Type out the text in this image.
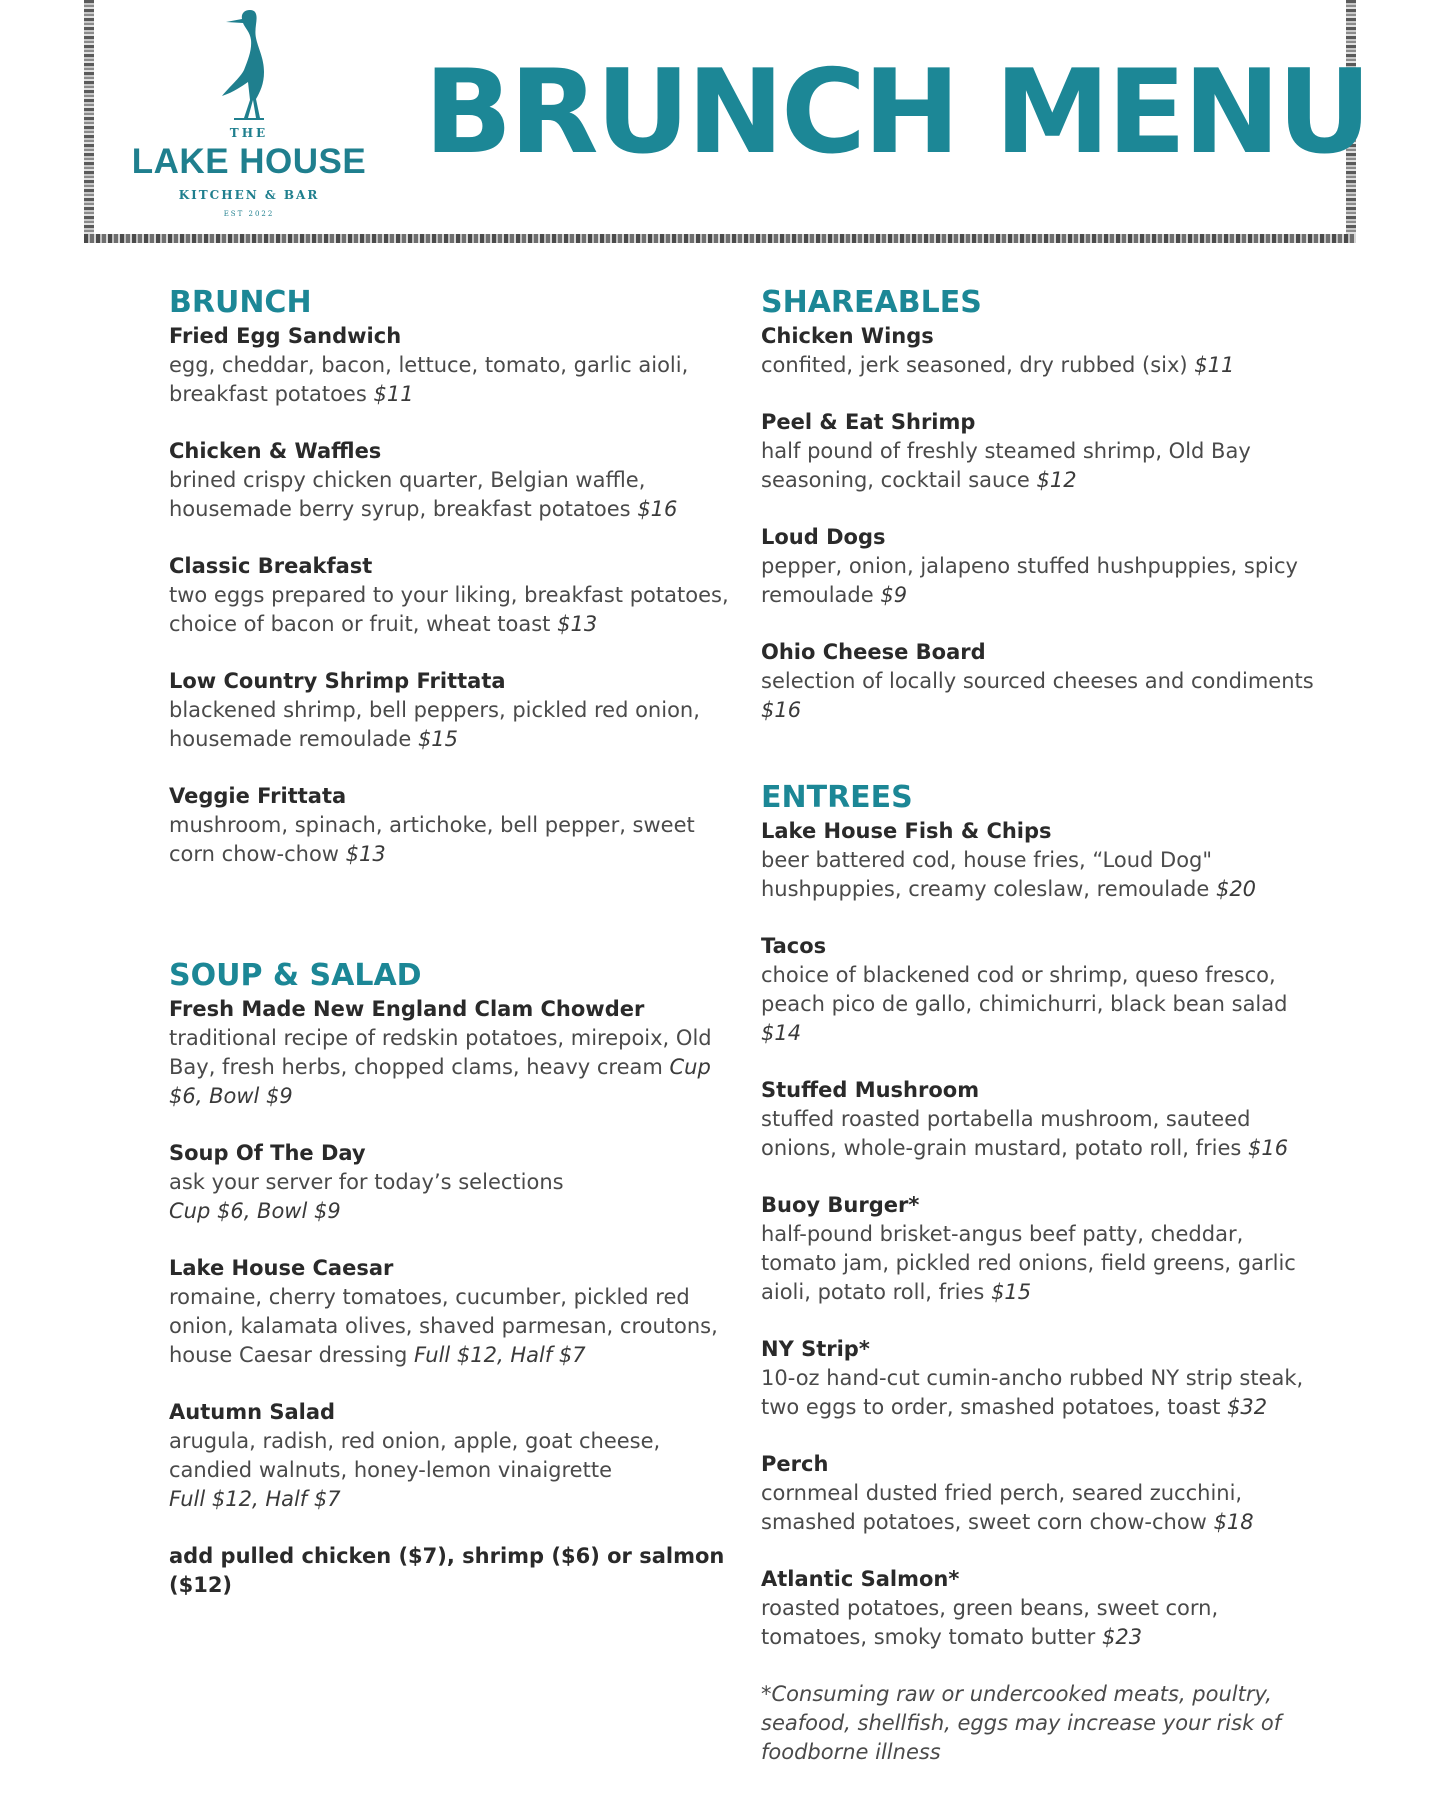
THE
LAKE HOUSE
KITCHEN & BAR
EST 2022
BRUNCH MENU
BRUNCH
Fried Egg Sandwich
egg, cheddar, bacon, lettuce, tomato, garlic aioli, breakfast potatoes $11
Chicken & Waffles
brined crispy chicken quarter, Belgian waffle, housemade berry syrup, breakfast potatoes $16
Classic Breakfast
two eggs prepared to your liking, breakfast potatoes, choice of bacon or fruit, wheat toast $13
Low Country Shrimp Frittata
blackened shrimp, bell peppers, pickled red onion, housemade remoulade $15
Veggie Frittata
mushroom, spinach, artichoke, bell pepper, sweet corn chow-chow $13
SOUP & SALAD
Fresh Made New England Clam Chowder
traditional recipe of redskin potatoes, mirepoix, Old Bay, fresh herbs, chopped clams, heavy cream Cup $6, Bowl $9
Soup Of The Day
ask your server for today’s selections
Cup $6, Bowl $9
Lake House Caesar
romaine, cherry tomatoes, cucumber, pickled red onion, kalamata olives, shaved parmesan, croutons, house Caesar dressing Full $12, Half $7
Autumn Salad
arugula, radish, red onion, apple, goat cheese, candied walnuts, honey-lemon vinaigrette
Full $12, Half $7
add pulled chicken ($7), shrimp ($6) or salmon ($12)
SHAREABLES
Chicken Wings
confited, jerk seasoned, dry rubbed (six) $11
Peel & Eat Shrimp
half pound of freshly steamed shrimp, Old Bay seasoning, cocktail sauce $12
Loud Dogs
pepper, onion, jalapeno stuffed hushpuppies, spicy remoulade $9
Ohio Cheese Board
selection of locally sourced cheeses and condiments $16
ENTREES
Lake House Fish & Chips
beer battered cod, house fries, “Loud Dog" hushpuppies, creamy coleslaw, remoulade $20
Tacos
choice of blackened cod or shrimp, queso fresco, peach pico de gallo, chimichurri, black bean salad $14
Stuffed Mushroom
stuffed roasted portabella mushroom, sauteed onions, whole-grain mustard, potato roll, fries $16
Buoy Burger*
half-pound brisket-angus beef patty, cheddar, tomato jam, pickled red onions, field greens, garlic aioli, potato roll, fries $15
NY Strip*
10-oz hand-cut cumin-ancho rubbed NY strip steak, two eggs to order, smashed potatoes, toast $32
Perch
cornmeal dusted fried perch, seared zucchini, smashed potatoes, sweet corn chow-chow $18
Atlantic Salmon*
roasted potatoes, green beans, sweet corn, tomatoes, smoky tomato butter $23
*Consuming raw or undercooked meats, poultry, seafood, shellfish, eggs may increase your risk of foodborne illness
